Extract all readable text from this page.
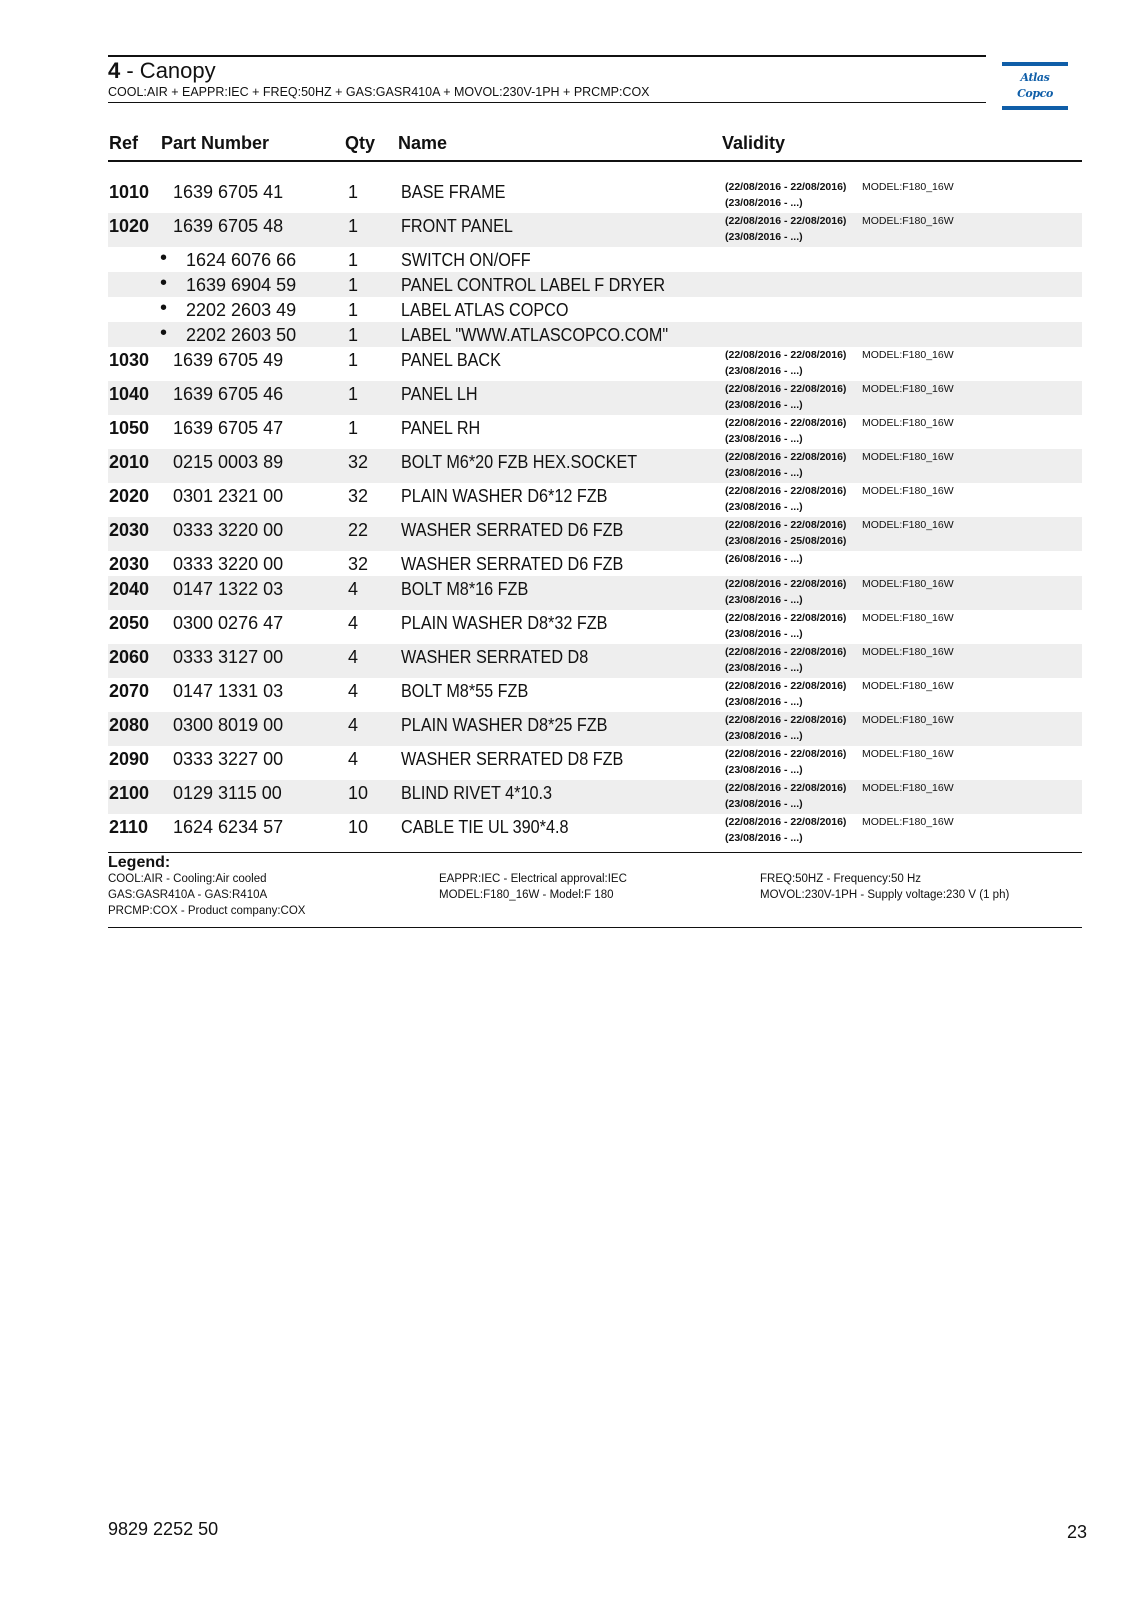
4 - Canopy
COOL:AIR + EAPPR:IEC + FREQ:50HZ + GAS:GASR410A + MOVOL:230V-1PH + PRCMP:COX
Atlas Copco
Ref Part Number	Qty Name	Validity
1010 1639 6705 41	1 BASE FRAME	(22/08/2016 - 22/08/2016) MODEL:F180_16W
(23/08/2016 - ...)
1020 1639 6705 48	1 FRONT PANEL	(22/08/2016 - 22/08/2016) MODEL:F180_16W
(23/08/2016 - ...)
• 1624 6076 66	1 SWITCH ON/OFF
• 1639 6904 59	1 PANEL CONTROL LABEL F DRYER
• 2202 2603 49	1 LABEL ATLAS COPCO
• 2202 2603 50	1 LABEL "WWW.ATLASCOPCO.COM"
1030 1639 6705 49	1 PANEL BACK	(22/08/2016 - 22/08/2016) MODEL:F180_16W
(23/08/2016 - ...)
1040 1639 6705 46	1 PANEL LH	(22/08/2016 - 22/08/2016) MODEL:F180_16W
(23/08/2016 - ...)
1050 1639 6705 47	1 PANEL RH	(22/08/2016 - 22/08/2016) MODEL:F180_16W
(23/08/2016 - ...)
2010 0215 0003 89	32 BOLT M6*20 FZB HEX.SOCKET	(22/08/2016 - 22/08/2016) MODEL:F180_16W
(23/08/2016 - ...)
2020 0301 2321 00	32 PLAIN WASHER D6*12 FZB	(22/08/2016 - 22/08/2016) MODEL:F180_16W
(23/08/2016 - ...)
2030 0333 3220 00	22 WASHER SERRATED D6 FZB	(22/08/2016 - 22/08/2016) MODEL:F180_16W
(23/08/2016 - 25/08/2016)
2030 0333 3220 00	32 WASHER SERRATED D6 FZB	(26/08/2016 - ...)
2040 0147 1322 03	4 BOLT M8*16 FZB	(22/08/2016 - 22/08/2016) MODEL:F180_16W
(23/08/2016 - ...)
2050 0300 0276 47	4 PLAIN WASHER D8*32 FZB	(22/08/2016 - 22/08/2016) MODEL:F180_16W
(23/08/2016 - ...)
2060 0333 3127 00	4 WASHER SERRATED D8	(22/08/2016 - 22/08/2016) MODEL:F180_16W
(23/08/2016 - ...)
2070 0147 1331 03	4 BOLT M8*55 FZB	(22/08/2016 - 22/08/2016) MODEL:F180_16W
(23/08/2016 - ...)
2080 0300 8019 00	4 PLAIN WASHER D8*25 FZB	(22/08/2016 - 22/08/2016) MODEL:F180_16W
(23/08/2016 - ...)
2090 0333 3227 00	4 WASHER SERRATED D8 FZB	(22/08/2016 - 22/08/2016) MODEL:F180_16W
(23/08/2016 - ...)
2100 0129 3115 00	10 BLIND RIVET 4*10.3	(22/08/2016 - 22/08/2016) MODEL:F180_16W
(23/08/2016 - ...)
2110 1624 6234 57	10 CABLE TIE UL 390*4.8	(22/08/2016 - 22/08/2016) MODEL:F180_16W
(23/08/2016 - ...)
Legend:
COOL:AIR - Cooling:Air cooled
GAS:GASR410A - GAS:R410A
PRCMP:COX - Product company:COX
EAPPR:IEC - Electrical approval:IEC
MODEL:F180_16W - Model:F 180
FREQ:50HZ - Frequency:50 Hz
MOVOL:230V-1PH - Supply voltage:230 V (1 ph)
9829 2252 50	23
